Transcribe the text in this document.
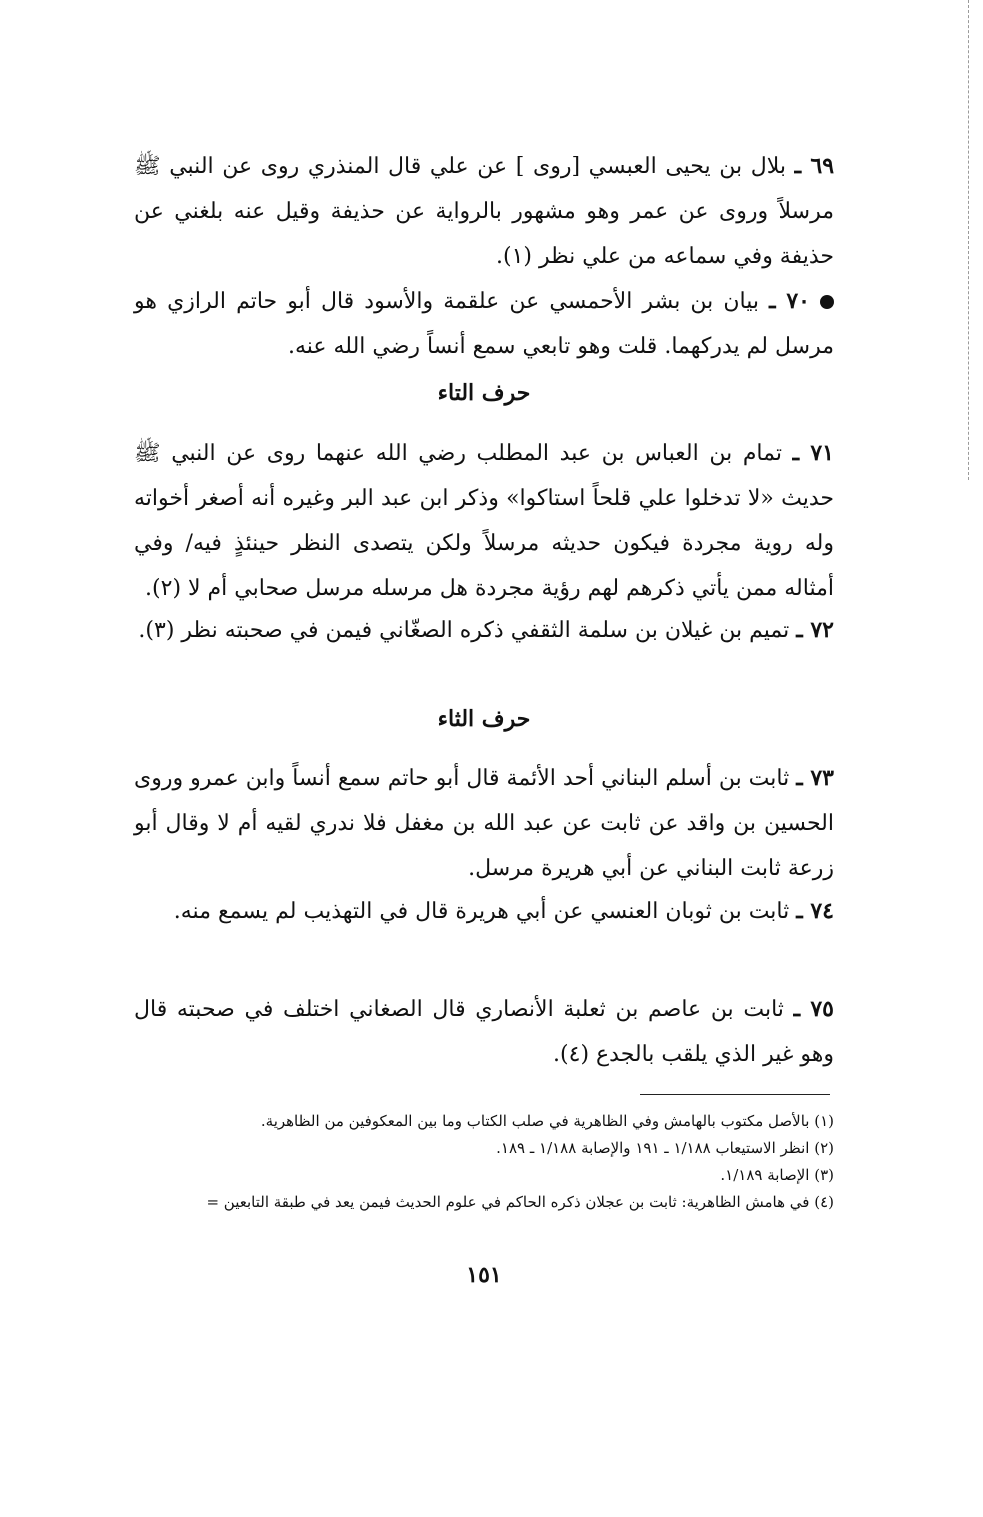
٦٩ ـ بلال بن يحيى العبسي [روى ] عن علي قال المنذري روى عن النبي ﷺ مرسلاً وروى عن عمر وهو مشهور بالرواية عن حذيفة وقيل عنه بلغني عن حذيفة وفي سماعه من علي نظر (١).

٧٠ ـ بيان بن بشر الأحمسي عن علقمة والأسود قال أبو حاتم الرازي هو مرسل لم يدركهما. قلت وهو تابعي سمع أنساً رضي الله عنه.

حرف التاء

٧١ ـ تمام بن العباس بن عبد المطلب رضي الله عنهما روى عن النبي ﷺ حديث «لا تدخلوا علي قلحاً استاكوا» وذكر ابن عبد البر وغيره أنه أصغر أخواته وله روية مجردة فيكون حديثه مرسلاً ولكن يتصدى النظر حينئذٍ فيه/ وفي أمثاله ممن يأتي ذكرهم لهم رؤية مجردة هل مرسله مرسل صحابي أم لا (٢).

٧٢ ـ تميم بن غيلان بن سلمة الثقفي ذكره الصغّاني فيمن في صحبته نظر (٣).

حرف الثاء

٧٣ ـ ثابت بن أسلم البناني أحد الأئمة قال أبو حاتم سمع أنساً وابن عمرو وروى الحسين بن واقد عن ثابت عن عبد الله بن مغفل فلا ندري لقيه أم لا وقال أبو زرعة ثابت البناني عن أبي هريرة مرسل.

٧٤ ـ ثابت بن ثوبان العنسي عن أبي هريرة قال في التهذيب لم يسمع منه.

٧٥ ـ ثابت بن عاصم بن ثعلبة الأنصاري قال الصغاني اختلف في صحبته قال وهو غير الذي يلقب بالجدع (٤).

(١) بالأصل مكتوب بالهامش وفي الظاهرية في صلب الكتاب وما بين المعكوفين من الظاهرية.

(٢) انظر الاستيعاب ١/١٨٨ ـ ١٩١ والإصابة ١/١٨٨ ـ ١٨٩.

(٣) الإصابة ١/١٨٩.

(٤) في هامش الظاهرية: ثابت بن عجلان ذكره الحاكم في علوم الحديث فيمن يعد في طبقة التابعين =

١٥١
